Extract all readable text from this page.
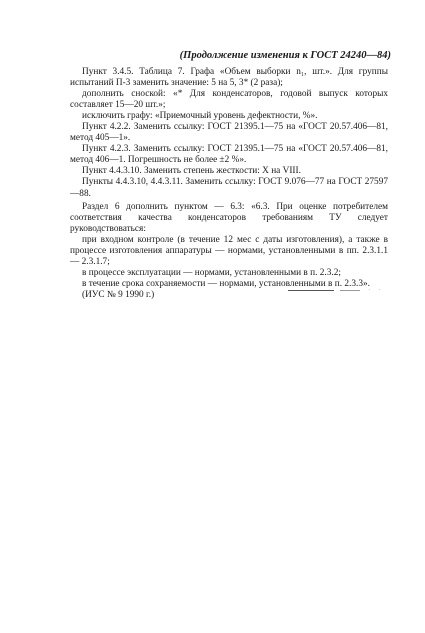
(Продолжение изменения к ГОСТ 24240—84)

Пункт 3.4.5. Таблица 7. Графа «Объем выборки n₁, шт.». Для группы испытаний П-3 заменить значение: 5 на 5, 3* (2 раза);

дополнить сноской: «* Для конденсаторов, годовой выпуск которых составляет 15—20 шт.»;

исключить графу: «Приемочный уровень дефектности, %».

Пункт 4.2.2. Заменить ссылку: ГОСТ 21395.1—75 на «ГОСТ 20.57.406—81, метод 405—1».

Пункт 4.2.3. Заменить ссылку: ГОСТ 21395.1—75 на «ГОСТ 20.57.406—81, метод 406—1. Погрешность не более ±2 %».

Пункт 4.4.3.10. Заменить степень жесткости: X на VIII.

Пункты 4.4.3.10, 4.4.3.11. Заменить ссылку: ГОСТ 9.076—77 на ГОСТ 27597—88.

Раздел 6 дополнить пунктом — 6.3: «6.3. При оценке потребителем соответствия качества конденсаторов требованиям ТУ следует руководствоваться:

при входном контроле (в течение 12 мес с даты изготовления), а также в процессе изготовления аппаратуры — нормами, установленными в пп. 2.3.1.1— 2.3.1.7;

в процессе эксплуатации — нормами, установленными в п. 2.3.2;

в течение срока сохраняемости — нормами, установленными в п. 2.3.3».

(ИУС № 9 1990 г.)	· ·
